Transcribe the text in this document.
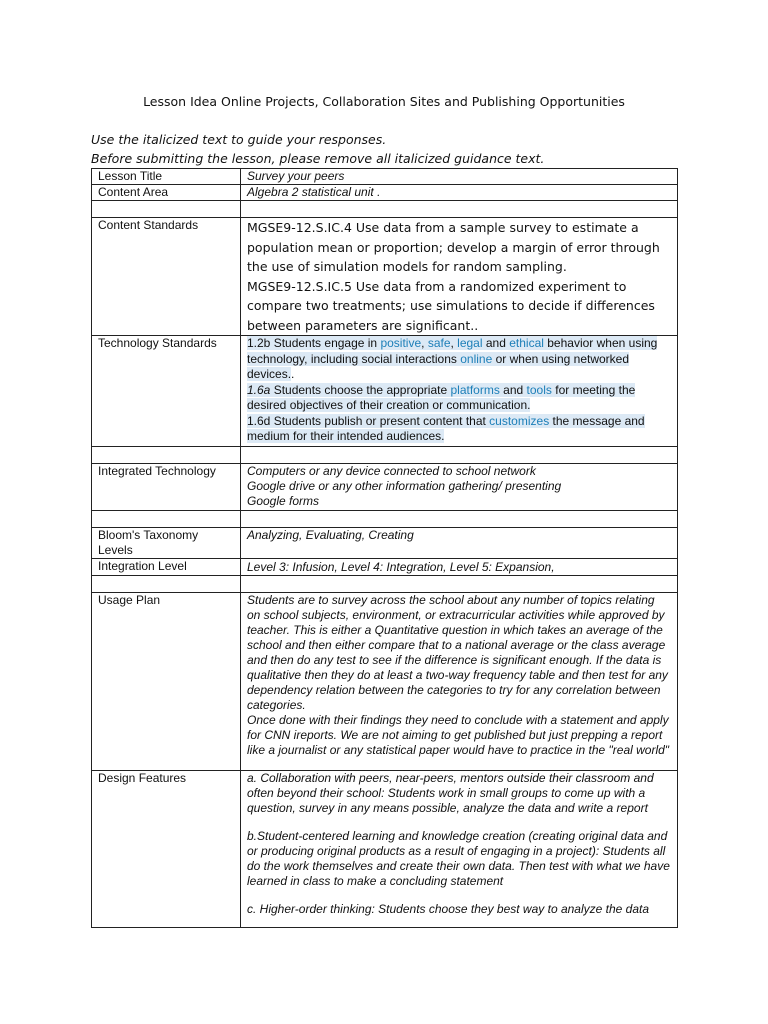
Lesson Idea Online Projects, Collaboration Sites and Publishing Opportunities
Use the italicized text to guide your responses.
Before submitting the lesson, please remove all italicized guidance text.
Lesson Title	Survey your peers
Content Area	Algebra 2 statistical unit .

Content Standards	MGSE9-12.S.IC.4 Use data from a sample survey to estimate a population mean or proportion; develop a margin of error through the use of simulation models for random sampling.
MGSE9-12.S.IC.5 Use data from a randomized experiment to compare two treatments; use simulations to decide if differences between parameters are significant..

Technology Standards	1.2b Students engage in positive, safe, legal and ethical behavior when using technology, including social interactions online or when using networked devices..
1.6a Students choose the appropriate platforms and tools for meeting the desired objectives of their creation or communication.
1.6d Students publish or present content that customizes the message and medium for their intended audiences.

Integrated Technology	Computers or any device connected to school network
Google drive or any other information gathering/ presenting
Google forms

Bloom's Taxonomy Levels	Analyzing, Evaluating, Creating
Integration Level	Level 3: Infusion, Level 4: Integration, Level 5: Expansion,

Usage Plan	Students are to survey across the school about any number of topics relating on school subjects, environment, or extracurricular activities while approved by teacher. This is either a Quantitative question in which takes an average of the school and then either compare that to a national average or the class average and then do any test to see if the difference is significant enough. If the data is qualitative then they do at least a two-way frequency table and then test for any dependency relation between the categories to try for any correlation between categories.
Once done with their findings they need to conclude with a statement and apply for CNN ireports. We are not aiming to get published but just prepping a report like a journalist or any statistical paper would have to practice in the "real world"

Design Features	a. Collaboration with peers, near-peers, mentors outside their classroom and often beyond their school: Students work in small groups to come up with a question, survey in any means possible, analyze the data and write a report
b.Student-centered learning and knowledge creation (creating original data and or producing original products as a result of engaging in a project): Students all do the work themselves and create their own data. Then test with what we have learned in class to make a concluding statement
c. Higher-order thinking: Students choose they best way to analyze the data
